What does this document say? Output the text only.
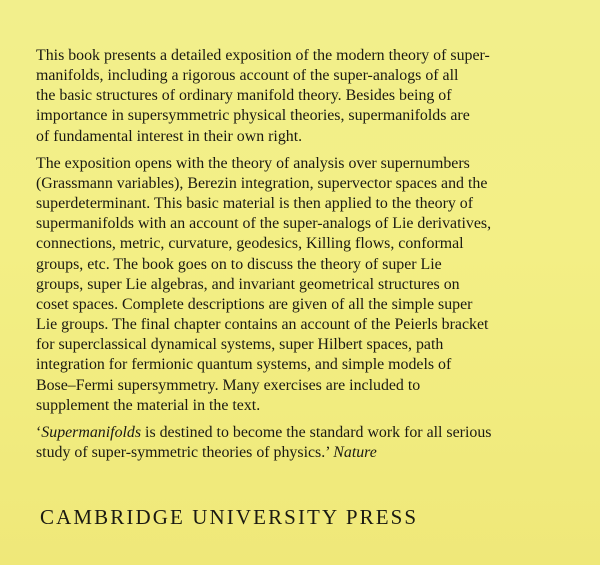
This book presents a detailed exposition of the modern theory of super-
manifolds, including a rigorous account of the super-analogs of all
the basic structures of ordinary manifold theory. Besides being of
importance in supersymmetric physical theories, supermanifolds are
of fundamental interest in their own right.

The exposition opens with the theory of analysis over supernumbers
(Grassmann variables), Berezin integration, supervector spaces and the
superdeterminant. This basic material is then applied to the theory of
supermanifolds with an account of the super-analogs of Lie derivatives,
connections, metric, curvature, geodesics, Killing flows, conformal
groups, etc. The book goes on to discuss the theory of super Lie
groups, super Lie algebras, and invariant geometrical structures on
coset spaces. Complete descriptions are given of all the simple super
Lie groups. The final chapter contains an account of the Peierls bracket
for superclassical dynamical systems, super Hilbert spaces, path
integration for fermionic quantum systems, and simple models of
Bose–Fermi supersymmetry. Many exercises are included to
supplement the material in the text.

‘Supermanifolds is destined to become the standard work for all serious
study of super-symmetric theories of physics.’ Nature

CAMBRIDGE UNIVERSITY PRESS
